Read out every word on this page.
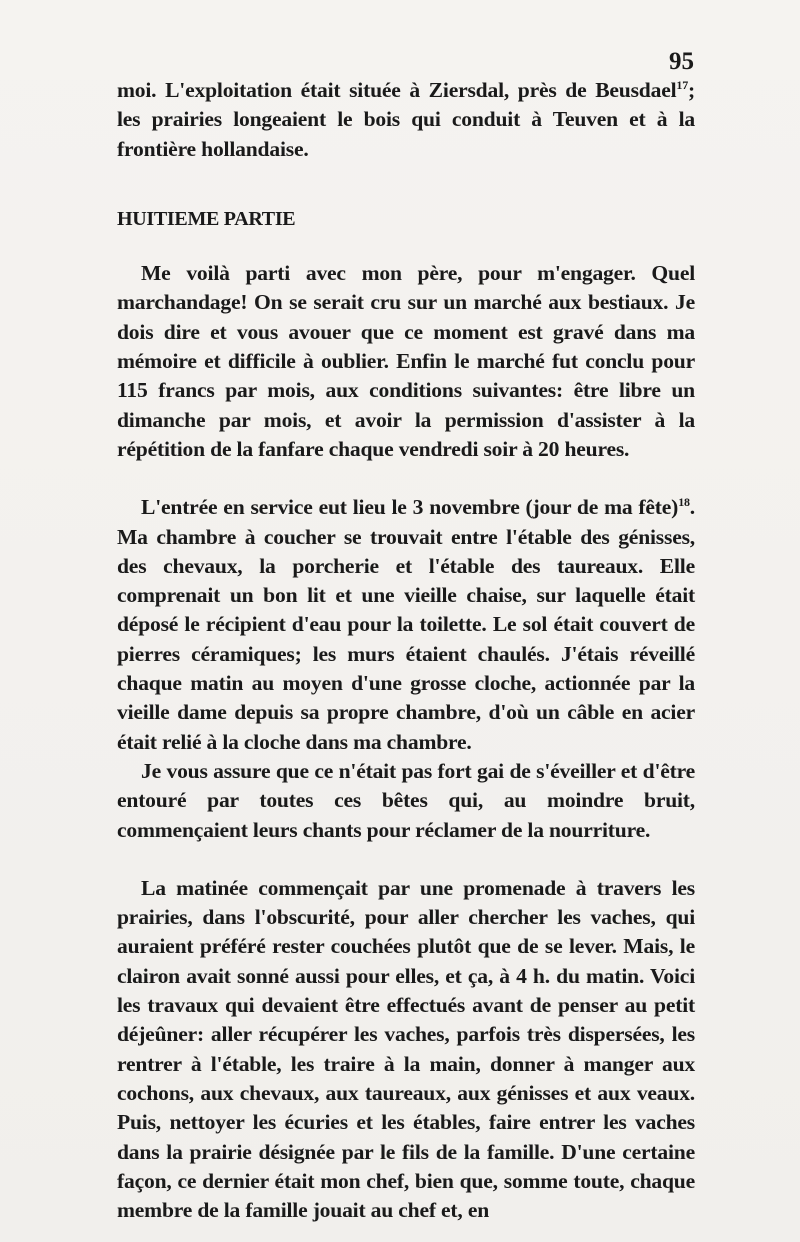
95

moi. L'exploitation était située à Ziersdal, près de Beusdael$^{17}$; les prairies longeaient le bois qui conduit à Teuven et à la frontière hollandaise.

HUITIEME PARTIE

Me voilà parti avec mon père, pour m'engager. Quel marchandage! On se serait cru sur un marché aux bestiaux. Je dois dire et vous avouer que ce moment est gravé dans ma mémoire et difficile à oublier. Enfin le marché fut conclu pour 115 francs par mois, aux conditions suivantes: être libre un dimanche par mois, et avoir la permission d'assister à la répétition de la fanfare chaque vendredi soir à 20 heures.

L'entrée en service eut lieu le 3 novembre (jour de ma fête)$^{18}$. Ma chambre à coucher se trouvait entre l'étable des génisses, des chevaux, la porcherie et l'étable des taureaux. Elle comprenait un bon lit et une vieille chaise, sur laquelle était déposé le récipient d'eau pour la toilette. Le sol était couvert de pierres céramiques; les murs étaient chaulés. J'étais réveillé chaque matin au moyen d'une grosse cloche, actionnée par la vieille dame depuis sa propre chambre, d'où un câble en acier était relié à la cloche dans ma chambre.

Je vous assure que ce n'était pas fort gai de s'éveiller et d'être entouré par toutes ces bêtes qui, au moindre bruit, commençaient leurs chants pour réclamer de la nourriture.

La matinée commençait par une promenade à travers les prairies, dans l'obscurité, pour aller chercher les vaches, qui auraient préféré rester couchées plutôt que de se lever. Mais, le clairon avait sonné aussi pour elles, et ça, à 4 h. du matin. Voici les travaux qui devaient être effectués avant de penser au petit déjeûner: aller récupérer les vaches, parfois très dispersées, les rentrer à l'étable, les traire à la main, donner à manger aux cochons, aux chevaux, aux taureaux, aux génisses et aux veaux. Puis, nettoyer les écuries et les étables, faire entrer les vaches dans la prairie désignée par le fils de la famille. D'une certaine façon, ce dernier était mon chef, bien que, somme toute, chaque membre de la famille jouait au chef et, en
